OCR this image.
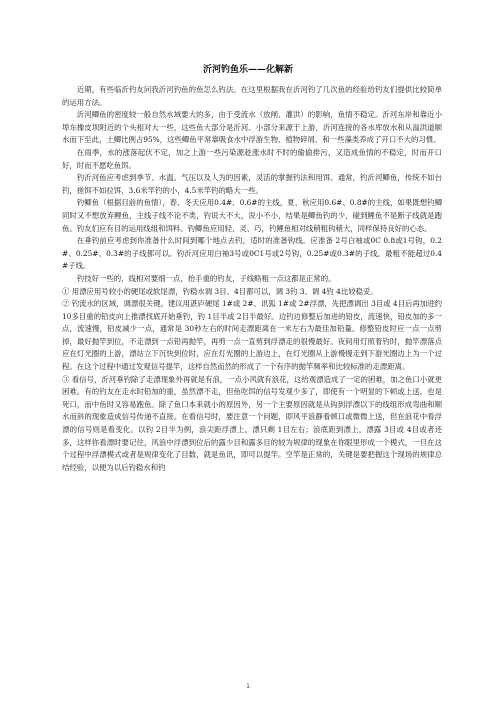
沂河钓鱼乐——化解新

近期，有些临沂钓友问我沂河钓鱼的鱼怎么钓法。在这里根据我在沂河钓了几次鱼的经验给钓友们提供比较简单的运用方法。

沂河鲫鱼的密度较一般自然水域要大的多，由于受流水（放闸、灌洪）的影响，鱼情不稳定。沂河东岸和靠近小埠东橡皮坝附近的个头相对大一些，这些鱼大部分是沂河、小部分来源于上游，沂河连接的各水库放水和从溢洪道顺水而下至此，土鲫比例占95%，这些鲫鱼平常靠吸食水中浮游生物、植物碎屑、和一些藻类养成了开口不大的习惯。

在雨季，水的涨落起伏不定，加之上游一些污染源趁涨水时不时的偷偷排污，又造成鱼情的不稳定，时而开口好，时而不愿吃鱼饵。

钓沂河鱼应考虑到季节、水温、气压以及人为的因素，灵活的掌握钓法和用饵。通常，钓沂河鲫鱼，传统不如台钓，搓饵不如拉饵，3.6米竿钓的小，4.5米竿钓的略大一些。

钓鲫鱼（根据目前的鱼情），春、冬天应用0.4#、0.6#的主线，夏、秋应用0.6#、0.8#的主线，如果既想钓鲫同时又不想放弃鲤鱼，主线子线不论不类，钓说大不大，说小不小，结果是鲫鱼钓的少，碰到鲤鱼不是断子线就是跑鱼。钓友们应有目的运用线组和饵料。钓鲫鱼应用轻、灵、巧，钓鲤鱼相对线稍粗钩稍大，同样保持良好的心态。

在垂钓前应考虑到你准备什么时间到哪个地点去钓，适时的准备钩线。应准备 2号白袖或0C 0.8或1号钩，0.2#、0.25#、0.3#的子线都可以。钓沂河应用白袖3号或0C1号或2号钩，0.25#或0.3#的子线，最粗不能超过0.4#子线。

钓技好一些的，线相对要细一点，抬手重的钓友，子线略粗一点这都是正常的。

① 用漂应用号较小的硬尾或软尾漂，钓稳水调 3目、4目都可以，调 3钓 3、调 4钓 4比较稳妥。

② 钓流水的区域，调漂很关键。建议用湛庐硬尾 1#或 2#、讯狐 1#或 2#浮漂，先把漂调出 3目或 4目后再加进约 10多目重的铅皮向上推漂找底开始垂钓，钓 1目半或 2目半最好。边钓边修整后加进的铅皮，流速快，铅皮加的多一点，流速慢，铅皮减少一点，通常是 30秒左右的时间走漂距离在一米左右为最佳加铅量。修整铅皮时应一点一点剪掉，最好抛竿到位，不走漂到一点铅再抛竿，再剪一点一直剪到浮漂走的很慢最好。夜间用灯照着钓时，抛竿漂落点应在灯光圈的上游，漂站立下沉快到位时，应在灯光圈的上游边上，在灯光圈从上游慢慢走到下游光圈边上为一个过程。在这个过程中通过发观信号提竿，这样自然而然的形成了一个有序的抛竿频率和比较标准的走漂距离。

③ 看信号，沂河垂钓除了走漂现象外再就是有浪，一点小风就有浪花，这给观漂造成了一定的困难，加之鱼口小就更困难。有的钓友在走水时铅加的重，虽然漂不走，但鱼吃饵的信号发观少多了，即使有一个明显的下顿或上送，也是死口，而中鱼时又容易跑鱼。除了鱼口本来就小的原因外，另一个主要原因就是从钩到浮漂以下的线组形成弯曲和顺水而斜的现象造成信号传递不直接。在看信号时，要注意一个问题，即风平浪静看顿口或微微上送，但在浪花中看浮漂的信号则是看变化。以钓 2目半为例，浪尖距浮漂上，漂只剩 1目左右；浪底距到漂上，漂露 3目或 4目或者还多，这样你看漂时要记住，风浪中浮漂到位后的露少目和露多目的较为规律的现象在你眼里形成一个模式，一旦在这个过程中浮漂模式或者是规律变化了目数，就是鱼讯，即可以提竿。空竿是正常的，关键是要把握这个现场的规律总结经验，以便为以后钓稳水和钓

1
